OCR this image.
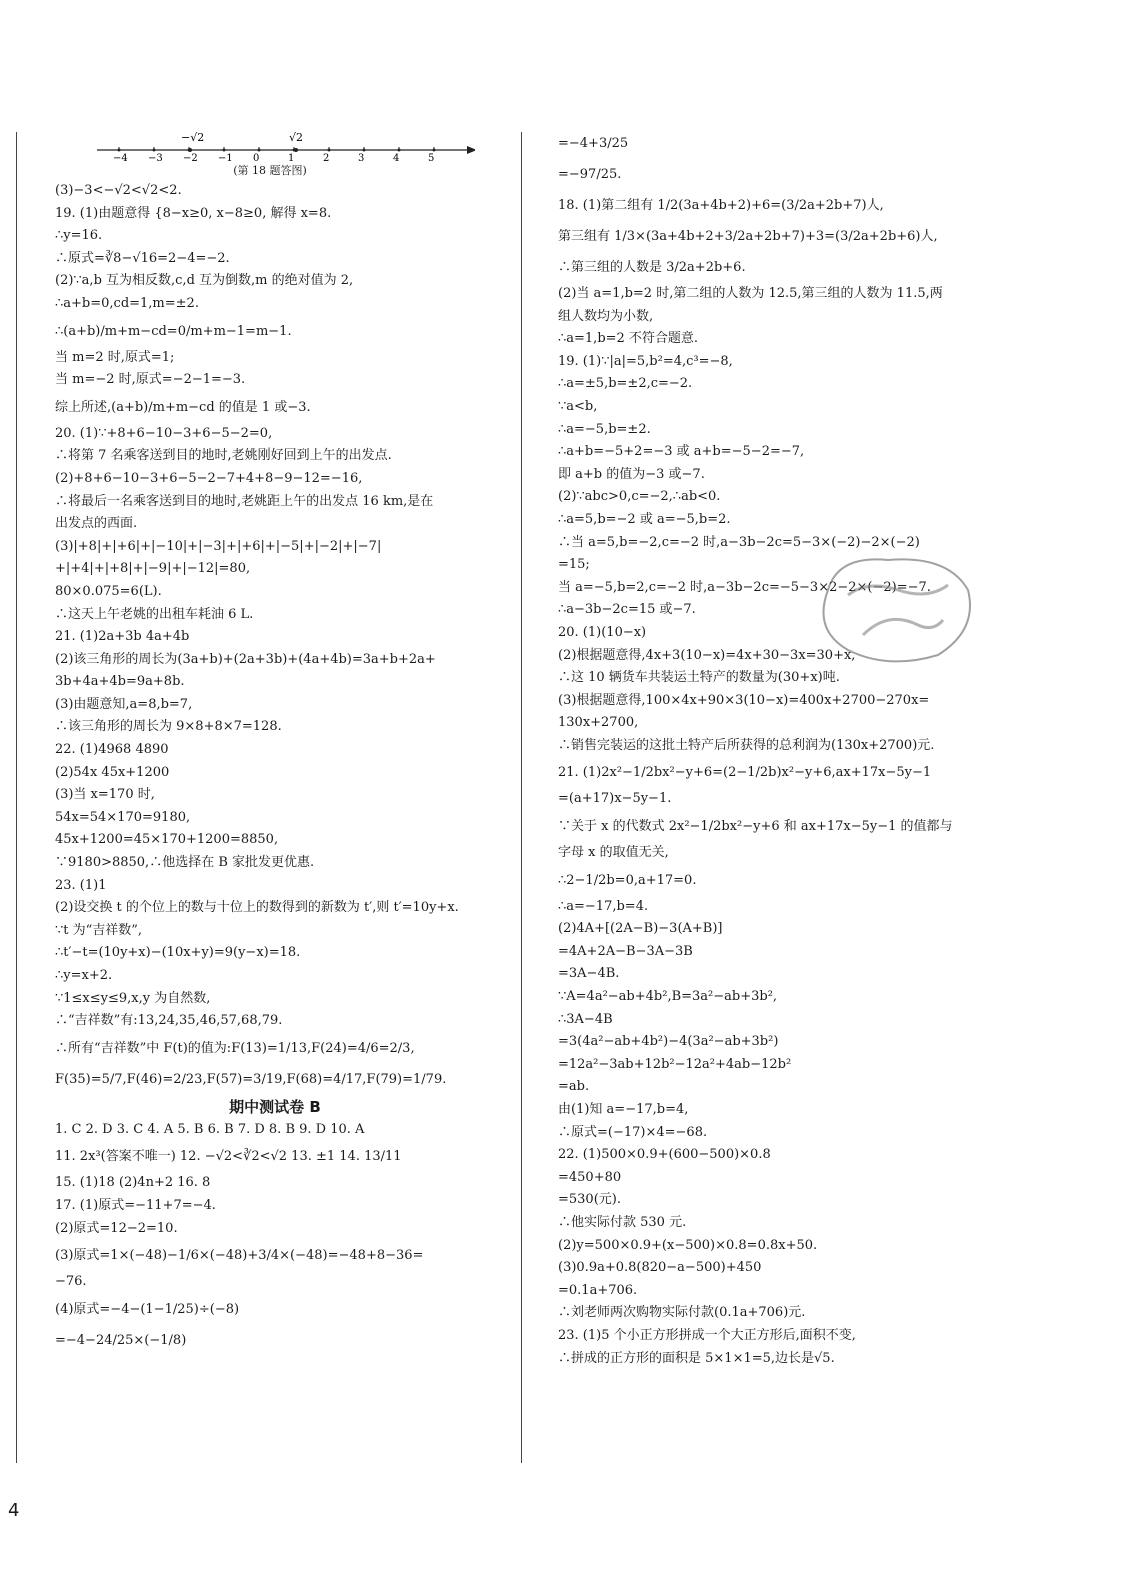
−4 −3 −2 −1 0	1	2	3	4	5
−√2	√2
(第 18 题答图)
(3)−3<−√2<√2<2.
19. (1)由题意得 {8−x≥0, x−8≥0, 解得 x=8.
∴y=16.
∴原式=∛8−√16=2−4=−2.
(2)∵a,b 互为相反数,c,d 互为倒数,m 的绝对值为 2,
∴a+b=0,cd=1,m=±2.
∴(a+b)/m+m−cd=0/m+m−1=m−1.
当 m=2 时,原式=1;
当 m=−2 时,原式=−2−1=−3.
综上所述,(a+b)/m+m−cd 的值是 1 或−3.
20. (1)∵+8+6−10−3+6−5−2=0,
∴将第 7 名乘客送到目的地时,老姚刚好回到上午的出发点.
(2)+8+6−10−3+6−5−2−7+4+8−9−12=−16,
∴将最后一名乘客送到目的地时,老姚距上午的出发点 16 km,是在
出发点的西面.
(3)|+8|+|+6|+|−10|+|−3|+|+6|+|−5|+|−2|+|−7|
+|+4|+|+8|+|−9|+|−12|=80,
80×0.075=6(L).
∴这天上午老姚的出租车耗油 6 L.
21. (1)2a+3b 4a+4b
(2)该三角形的周长为(3a+b)+(2a+3b)+(4a+4b)=3a+b+2a+
3b+4a+4b=9a+8b.
(3)由题意知,a=8,b=7,
∴该三角形的周长为 9×8+8×7=128.
22. (1)4968 4890
(2)54x 45x+1200
(3)当 x=170 时,
54x=54×170=9180,
45x+1200=45×170+1200=8850,
∵9180>8850,∴他选择在 B 家批发更优惠.
23. (1)1
(2)设交换 t 的个位上的数与十位上的数得到的新数为 t′,则 t′=10y+x.
∵t 为“吉祥数”,
∴t′−t=(10y+x)−(10x+y)=9(y−x)=18.
∴y=x+2.
∵1≤x≤y≤9,x,y 为自然数,
∴“吉祥数”有:13,24,35,46,57,68,79.
∴所有“吉祥数”中 F(t)的值为:F(13)=1/13,F(24)=4/6=2/3,
F(35)=5/7,F(46)=2/23,F(57)=3/19,F(68)=4/17,F(79)=1/79.
期中测试卷 B
1. C 2. D 3. C 4. A 5. B 6. B 7. D 8. B 9. D 10. A
11. 2x³(答案不唯一) 12. −√2<∛2<√2 13. ±1 14. 13/11
15. (1)18 (2)4n+2 16. 8
17. (1)原式=−11+7=−4.
(2)原式=12−2=10.
(3)原式=1×(−48)−1/6×(−48)+3/4×(−48)=−48+8−36=
−76.
(4)原式=−4−(1−1/25)÷(−8)
=−4−24/25×(−1/8)
=−4+3/25
=−97/25.
18. (1)第二组有 1/2(3a+4b+2)+6=(3/2a+2b+7)人,
第三组有 1/3×(3a+4b+2+3/2a+2b+7)+3=(3/2a+2b+6)人,
∴第三组的人数是 3/2a+2b+6.
(2)当 a=1,b=2 时,第二组的人数为 12.5,第三组的人数为 11.5,两
组人数均为小数,
∴a=1,b=2 不符合题意.
19. (1)∵|a|=5,b²=4,c³=−8,
∴a=±5,b=±2,c=−2.
∵a<b,
∴a=−5,b=±2.
∴a+b=−5+2=−3 或 a+b=−5−2=−7,
即 a+b 的值为−3 或−7.
(2)∵abc>0,c=−2,∴ab<0.
∴a=5,b=−2 或 a=−5,b=2.
∴当 a=5,b=−2,c=−2 时,a−3b−2c=5−3×(−2)−2×(−2)
=15;
当 a=−5,b=2,c=−2 时,a−3b−2c=−5−3×2−2×(−2)=−7.
∴a−3b−2c=15 或−7.
20. (1)(10−x)
(2)根据题意得,4x+3(10−x)=4x+30−3x=30+x,
∴这 10 辆货车共装运土特产的数量为(30+x)吨.
(3)根据题意得,100×4x+90×3(10−x)=400x+2700−270x=
130x+2700,
∴销售完装运的这批土特产后所获得的总利润为(130x+2700)元.
21. (1)2x²−1/2bx²−y+6=(2−1/2b)x²−y+6,ax+17x−5y−1
=(a+17)x−5y−1.
∵关于 x 的代数式 2x²−1/2bx²−y+6 和 ax+17x−5y−1 的值都与
字母 x 的取值无关,
∴2−1/2b=0,a+17=0.
∴a=−17,b=4.
(2)4A+[(2A−B)−3(A+B)]
=4A+2A−B−3A−3B
=3A−4B.
∵A=4a²−ab+4b²,B=3a²−ab+3b²,
∴3A−4B
=3(4a²−ab+4b²)−4(3a²−ab+3b²)
=12a²−3ab+12b²−12a²+4ab−12b²
=ab.
由(1)知 a=−17,b=4,
∴原式=(−17)×4=−68.
22. (1)500×0.9+(600−500)×0.8
=450+80
=530(元).
∴他实际付款 530 元.
(2)y=500×0.9+(x−500)×0.8=0.8x+50.
(3)0.9a+0.8(820−a−500)+450
=0.1a+706.
∴刘老师两次购物实际付款(0.1a+706)元.
23. (1)5 个小正方形拼成一个大正方形后,面积不变,
∴拼成的正方形的面积是 5×1×1=5,边长是√5.
4
